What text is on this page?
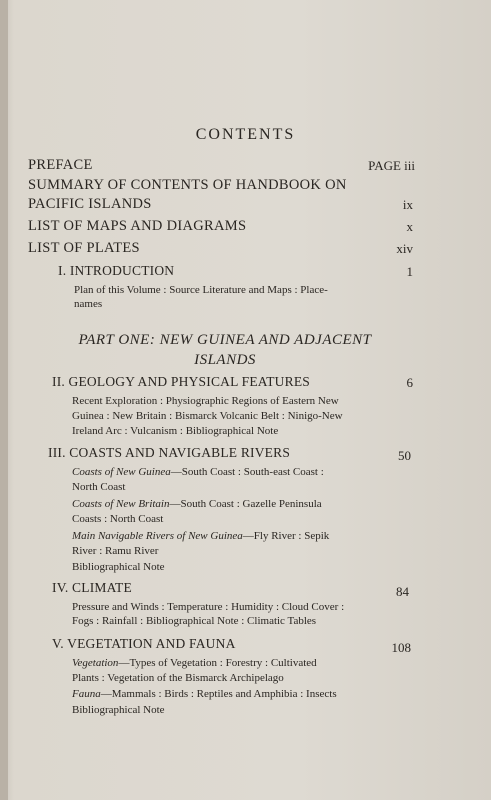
CONTENTS
PREFACE	PAGE iii
SUMMARY OF CONTENTS OF HANDBOOK ON
PACIFIC ISLANDS	ix
LIST OF MAPS AND DIAGRAMS	x
LIST OF PLATES	xiv
I. INTRODUCTION	1
Plan of this Volume : Source Literature and Maps : Place-
names
PART ONE: NEW GUINEA AND ADJACENT
ISLANDS
II. GEOLOGY AND PHYSICAL FEATURES	6
Recent Exploration : Physiographic Regions of Eastern New
Guinea : New Britain : Bismarck Volcanic Belt : Ninigo-New
Ireland Arc : Vulcanism : Bibliographical Note
III. COASTS AND NAVIGABLE RIVERS	50
Coasts of New Guinea—South Coast : South-east Coast :
North Coast
Coasts of New Britain—South Coast : Gazelle Peninsula
Coasts : North Coast
Main Navigable Rivers of New Guinea—Fly River : Sepik
River : Ramu River
Bibliographical Note
IV. CLIMATE	84
Pressure and Winds : Temperature : Humidity : Cloud Cover :
Fogs : Rainfall : Bibliographical Note : Climatic Tables
V. VEGETATION AND FAUNA	108
Vegetation—Types of Vegetation : Forestry : Cultivated
Plants : Vegetation of the Bismarck Archipelago
Fauna—Mammals : Birds : Reptiles and Amphibia : Insects
Bibliographical Note
